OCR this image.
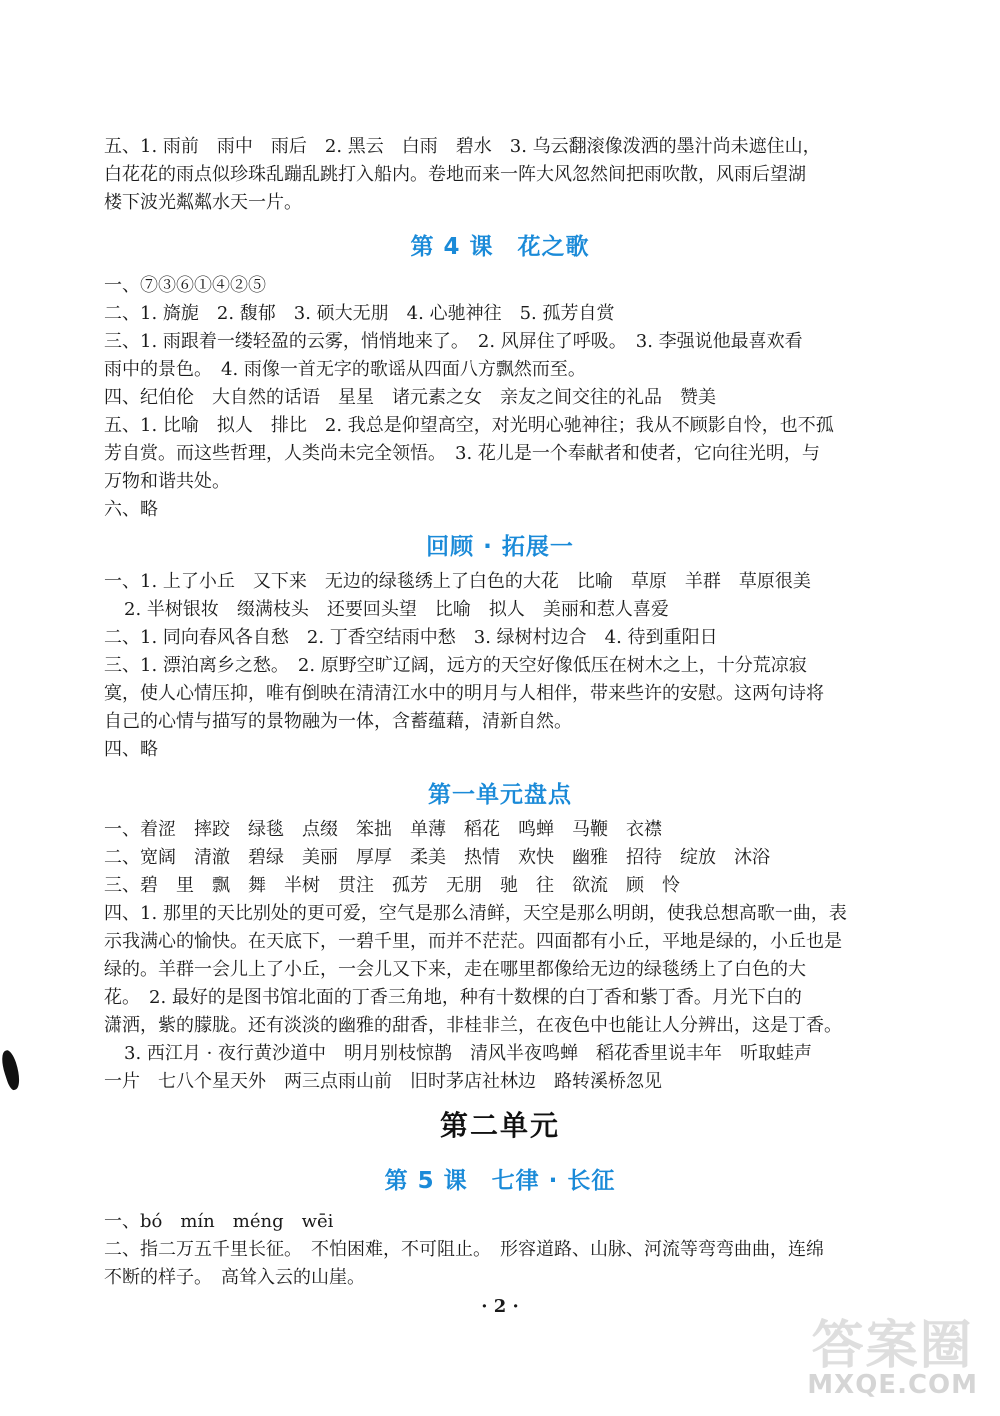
五、1. 雨前　雨中　雨后　2. 黑云　白雨　碧水　3. 乌云翻滚像泼洒的墨汁尚未遮住山，
白花花的雨点似珍珠乱蹦乱跳打入船内。卷地而来一阵大风忽然间把雨吹散，风雨后望湖
楼下波光粼粼水天一片。
第 4 课　花之歌
一、⑦③⑥①④②⑤
二、1. 旖旎　2. 馥郁　3. 硕大无朋　4. 心驰神往　5. 孤芳自赏
三、1. 雨跟着一缕轻盈的云雾，悄悄地来了。　2. 风屏住了呼吸。　3. 李强说他最喜欢看
雨中的景色。　4. 雨像一首无字的歌谣从四面八方飘然而至。
四、纪伯伦　大自然的话语　星星　诸元素之女　亲友之间交往的礼品　赞美
五、1. 比喻　拟人　排比　2. 我总是仰望高空，对光明心驰神往；我从不顾影自怜，也不孤
芳自赏。而这些哲理，人类尚未完全领悟。　3. 花儿是一个奉献者和使者，它向往光明，与
万物和谐共处。
六、略
回顾 · 拓展一
一、1. 上了小丘　又下来　无边的绿毯绣上了白色的大花　比喻　草原　羊群　草原很美
2. 半树银妆　缀满枝头　还要回头望　比喻　拟人　美丽和惹人喜爱
二、1. 同向春风各自愁　2. 丁香空结雨中愁　3. 绿树村边合　4. 待到重阳日
三、1. 漂泊离乡之愁。　2. 原野空旷辽阔，远方的天空好像低压在树木之上，十分荒凉寂
寞，使人心情压抑，唯有倒映在清清江水中的明月与人相伴，带来些许的安慰。这两句诗将
自己的心情与描写的景物融为一体，含蓄蕴藉，清新自然。
四、略
第一单元盘点
一、着涩　摔跤　绿毯　点缀　笨拙　单薄　稻花　鸣蝉　马鞭　衣襟
二、宽阔　清澈　碧绿　美丽　厚厚　柔美　热情　欢快　幽雅　招待　绽放　沐浴
三、碧　里　飘　舞　半树　贯注　孤芳　无朋　驰　往　欲流　顾　怜
四、1. 那里的天比别处的更可爱，空气是那么清鲜，天空是那么明朗，使我总想高歌一曲，表
示我满心的愉快。在天底下，一碧千里，而并不茫茫。四面都有小丘，平地是绿的，小丘也是
绿的。羊群一会儿上了小丘，一会儿又下来，走在哪里都像给无边的绿毯绣上了白色的大
花。　2. 最好的是图书馆北面的丁香三角地，种有十数棵的白丁香和紫丁香。月光下白的
潇洒，紫的朦胧。还有淡淡的幽雅的甜香，非桂非兰，在夜色中也能让人分辨出，这是丁香。
3. 西江月 · 夜行黄沙道中　明月别枝惊鹊　清风半夜鸣蝉　稻花香里说丰年　听取蛙声
一片　七八个星天外　两三点雨山前　旧时茅店社林边　路转溪桥忽见
第二单元
第 5 课　七律 · 长征
一、bó　mín　méng　wēi
二、指二万五千里长征。　不怕困难，不可阻止。　形容道路、山脉、河流等弯弯曲曲，连绵
不断的样子。　高耸入云的山崖。
· 2 ·
答案圈
MXQE.COM
